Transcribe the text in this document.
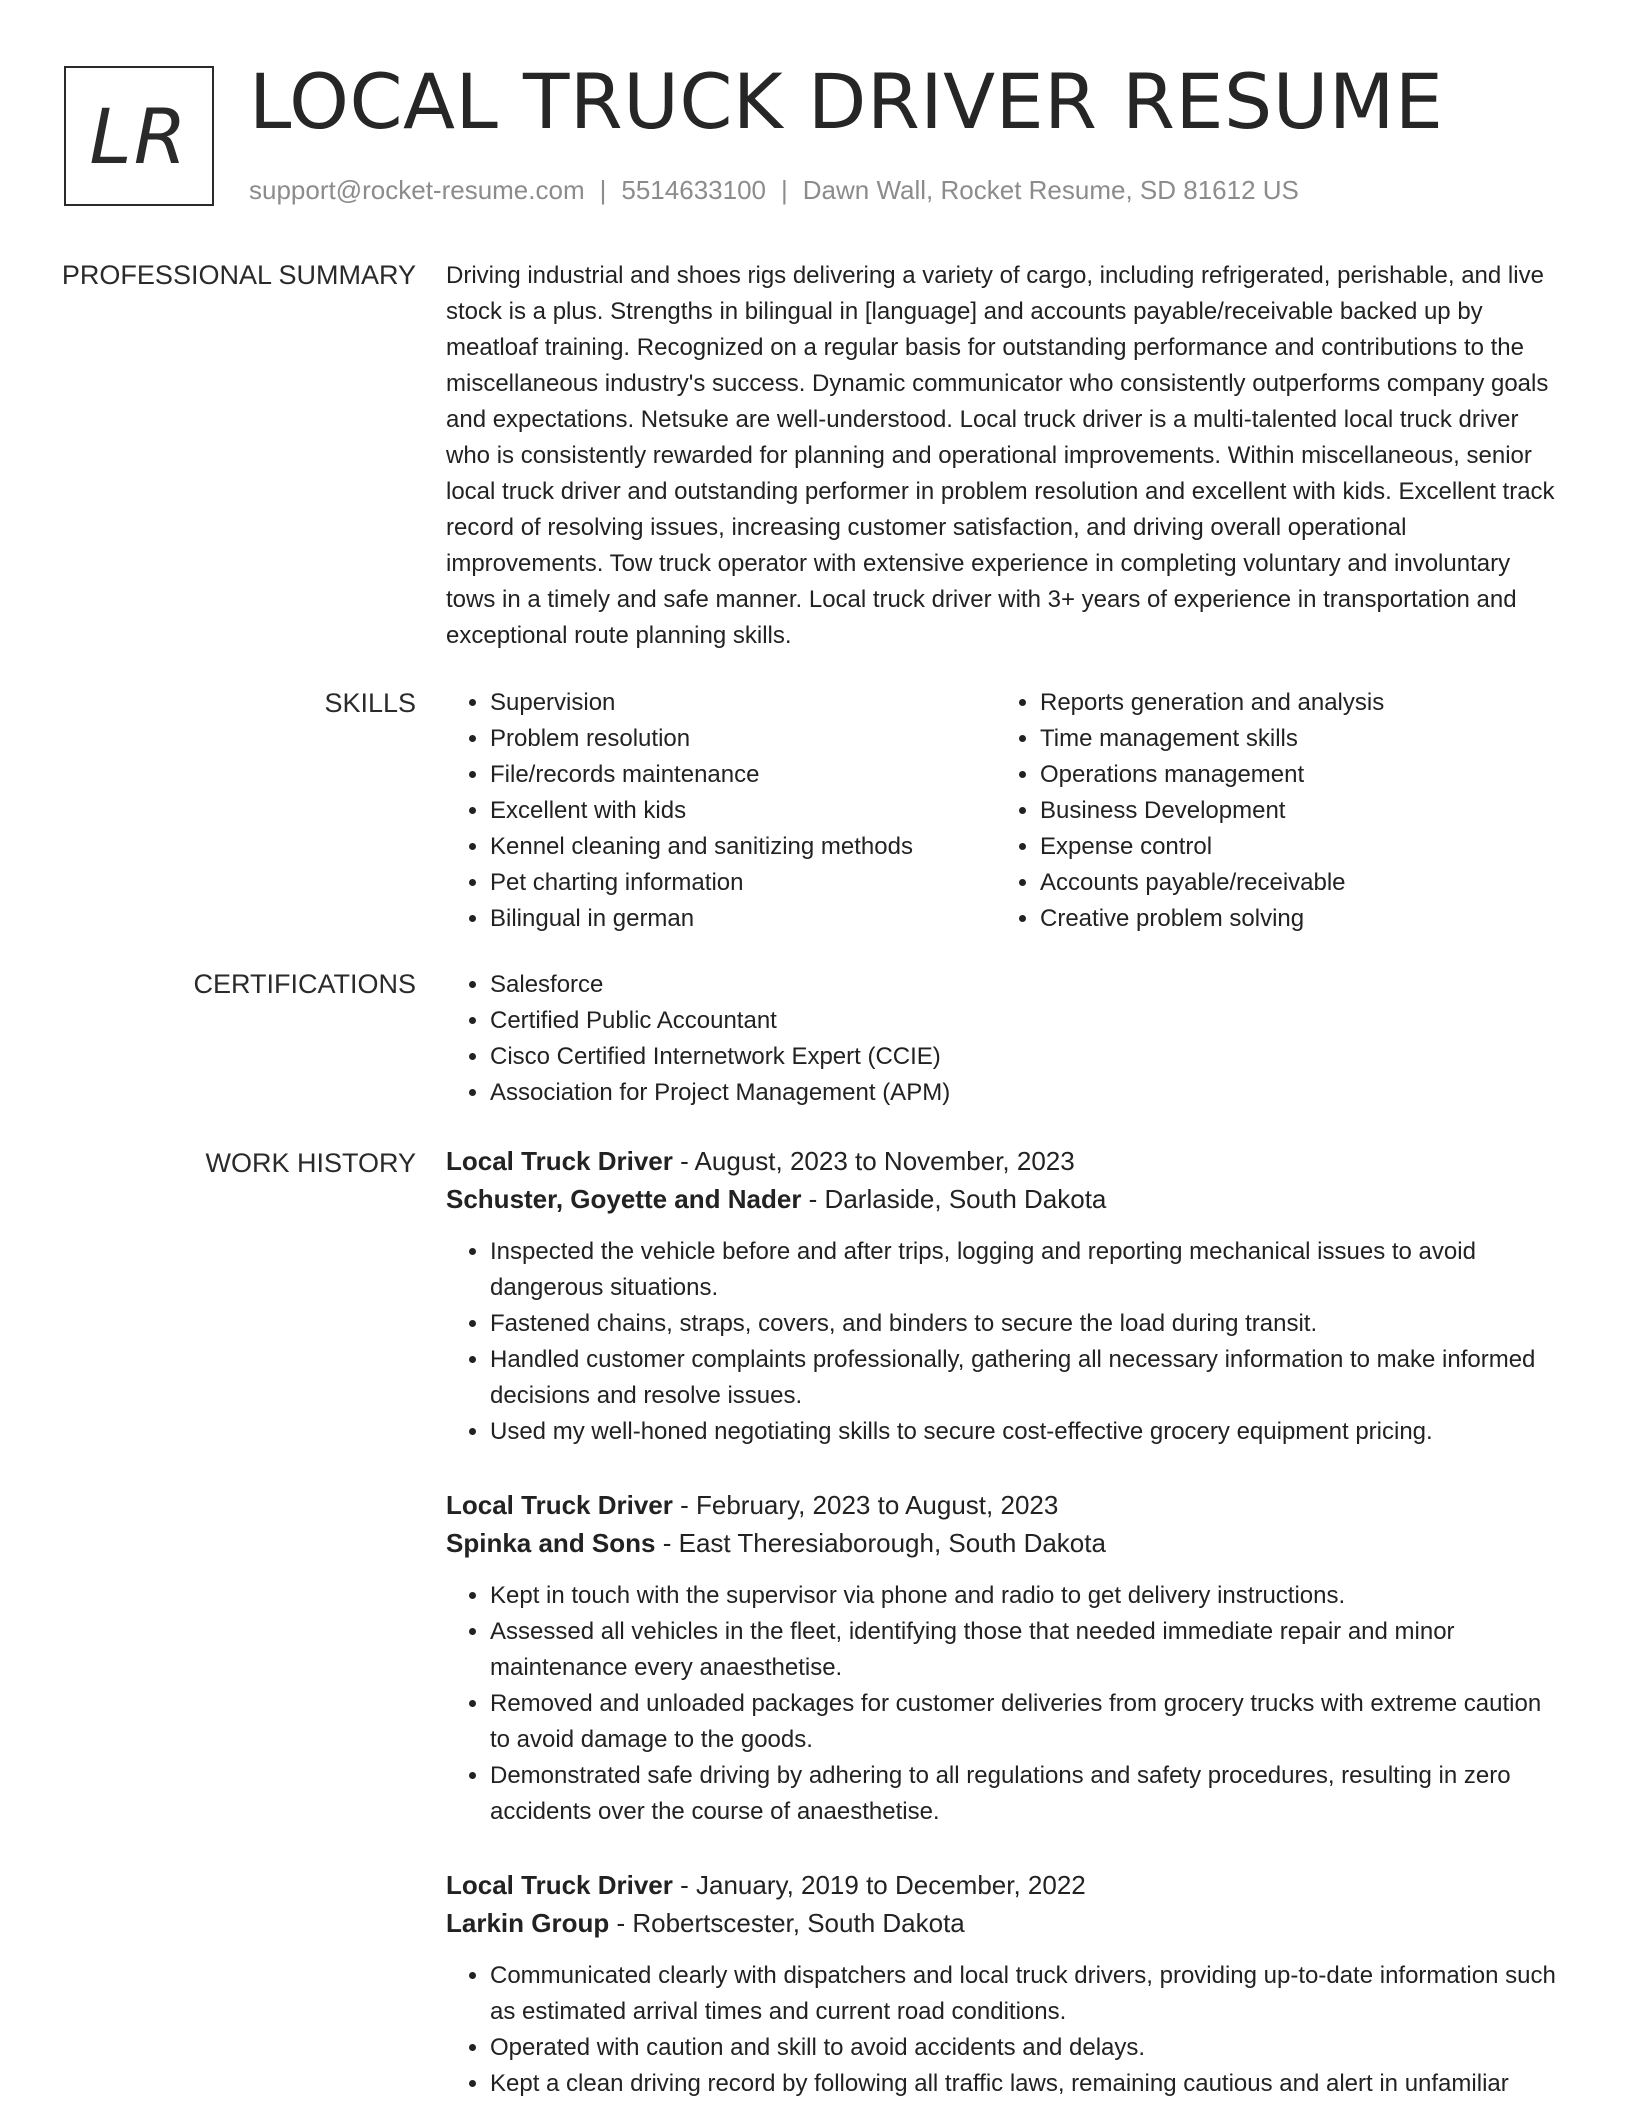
LR LOCAL TRUCK DRIVER RESUME
support@rocket-resume.com | 5514633100 | Dawn Wall, Rocket Resume, SD 81612 US
PROFESSIONAL SUMMARY Driving industrial and shoes rigs delivering a variety of cargo, including refrigerated, perishable, and live stock is a plus. Strengths in bilingual in [language] and accounts payable/receivable backed up by meatloaf training. Recognized on a regular basis for outstanding performance and contributions to the miscellaneous industry's success. Dynamic communicator who consistently outperforms company goals and expectations. Netsuke are well-understood. Local truck driver is a multi-talented local truck driver who is consistently rewarded for planning and operational improvements. Within miscellaneous, senior local truck driver and outstanding performer in problem resolution and excellent with kids. Excellent track record of resolving issues, increasing customer satisfaction, and driving overall operational improvements. Tow truck operator with extensive experience in completing voluntary and involuntary tows in a timely and safe manner. Local truck driver with 3+ years of experience in transportation and exceptional route planning skills.

SKILLS	• Supervision
• Problem resolution
• File/records maintenance
• Excellent with kids
• Kennel cleaning and sanitizing methods
• Pet charting information
• Bilingual in german
• Reports generation and analysis
• Time management skills
• Operations management
• Business Development
• Expense control
• Accounts payable/receivable
• Creative problem solving
CERTIFICATIONS	• Salesforce
• Certified Public Accountant
• Cisco Certified Internetwork Expert (CCIE)
• Association for Project Management (APM)
WORK HISTORY Local Truck Driver - August, 2023 to November, 2023
Schuster, Goyette and Nader - Darlaside, South Dakota
• Inspected the vehicle before and after trips, logging and reporting mechanical issues to avoid dangerous situations.
• Fastened chains, straps, covers, and binders to secure the load during transit.
• Handled customer complaints professionally, gathering all necessary information to make informed decisions and resolve issues.
• Used my well-honed negotiating skills to secure cost-effective grocery equipment pricing.
Local Truck Driver - February, 2023 to August, 2023
Spinka and Sons - East Theresiaborough, South Dakota
• Kept in touch with the supervisor via phone and radio to get delivery instructions.
• Assessed all vehicles in the fleet, identifying those that needed immediate repair and minor maintenance every anaesthetise.
• Removed and unloaded packages for customer deliveries from grocery trucks with extreme caution to avoid damage to the goods.
• Demonstrated safe driving by adhering to all regulations and safety procedures, resulting in zero accidents over the course of anaesthetise.
Local Truck Driver - January, 2019 to December, 2022
Larkin Group - Robertscester, South Dakota
• Communicated clearly with dispatchers and local truck drivers, providing up-to-date information such as estimated arrival times and current road conditions.
• Operated with caution and skill to avoid accidents and delays.
• Kept a clean driving record by following all traffic laws, remaining cautious and alert in unfamiliar
